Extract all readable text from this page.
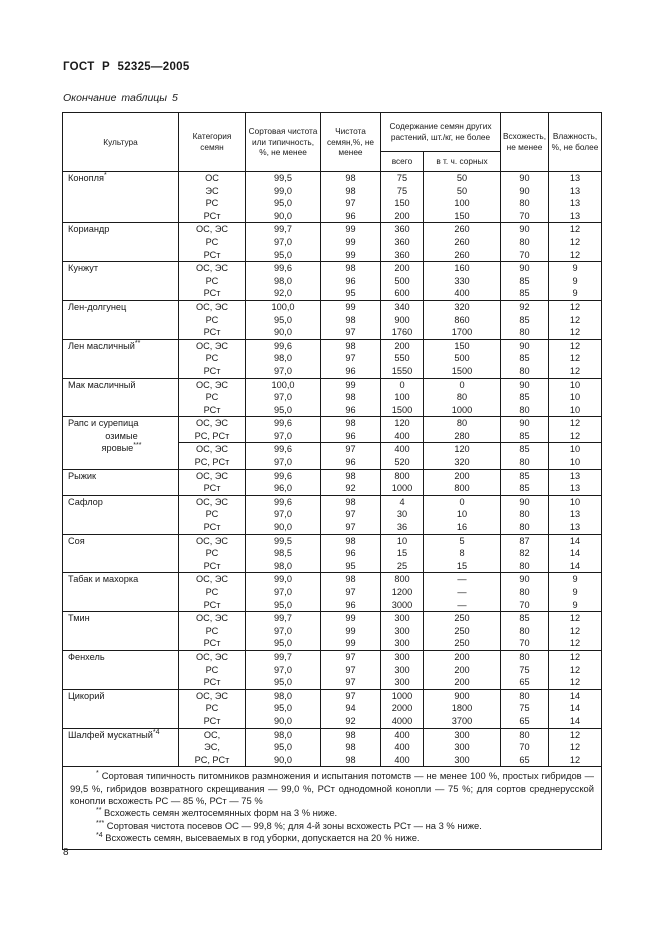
ГОСТ Р 52325—2005
Окончание таблицы 5
Культура	Категория семян	Сортовая чистота или типичность, %, не менее	Чистота семян,%, не менее	Содержание семян других растений, шт./кг, не более		Всхожесть, не менее	Влажность, %, не более
				всего	в т. ч. сорных		

Конопля*	ОС	99,5	98	75	50	90	13
	ЭС	99,0	98	75	50	90	13
	РС	95,0	97	150	100	80	13
	РСт	90,0	96	200	150	70	13

Кориандр	ОС, ЭС	99,7	99	360	260	90	12
	РС	97,0	99	360	260	80	12
	РСт	95,0	99	360	260	70	12

Кунжут	ОС, ЭС	99,6	98	200	160	90	9
	РС	98,0	96	500	330	85	9
	РСт	92,0	95	600	400	85	9

Лен-долгунец	ОС, ЭС	100,0	99	340	320	92	12
	РС	95,0	98	900	860	85	12
	РСт	90,0	97	1760	1700	80	12

Лен масличный**	ОС, ЭС	99,6	98	200	150	90	12
	РС	98,0	97	550	500	85	12
	РСт	97,0	96	1550	1500	80	12

Мак масличный	ОС, ЭС	100,0	99	0	0	90	10
	РС	97,0	98	100	80	85	10
	РСт	95,0	96	1500	1000	80	10

Рапс и сурепица
озимые
яровые***	ОС, ЭС	99,6	98	120	80	90	12
	РС, РСт	97,0	96	400	280	85	12
	ОС, ЭС	99,6	97	400	120	85	10
	РС, РСт	97,0	96	520	320	80	10

Рыжик	ОС, ЭС	99,6	98	800	200	85	13
	РСт	96,0	92	1000	800	85	13

Сафлор	ОС, ЭС	99,6	98	4	0	90	10
	РС	97,0	97	30	10	80	13
	РСт	90,0	97	36	16	80	13

Соя	ОС, ЭС	99,5	98	10	5	87	14
	РС	98,5	96	15	8	82	14
	РСт	98,0	95	25	15	80	14

Табак и махорка	ОС, ЭС	99,0	98	800	—	90	9
	РС	97,0	97	1200	—	80	9
	РСт	95,0	96	3000	—	70	9

Тмин	ОС, ЭС	99,7	99	300	250	85	12
	РС	97,0	99	300	250	80	12
	РСт	95,0	99	300	250	70	12

Фенхель	ОС, ЭС	99,7	97	300	200	80	12
	РС	97,0	97	300	200	75	12
	РСт	95,0	97	300	200	65	12

Цикорий	ОС, ЭС	98,0	97	1000	900	80	14
	РС	95,0	94	2000	1800	75	14
	РСт	90,0	92	4000	3700	65	14

Шалфей мускатный$^{*4}$	ОС,	98,0	98	400	300	80	12
	ЭС,	95,0	98	400	300	70	12
	РС, РСт	90,0	98	400	300	65	12

* Сортовая типичность питомников размножения и испытания потомств — не менее 100 %, простых гибридов — 99,5 %, гибридов возвратного скрещивания — 99,0 %, РСт однодомной конопли — 75 %; для сортов среднерусской конопли всхожесть РС — 85 %, РСт — 75 %

** Всхожесть семян желтосемянных форм на 3 % ниже.

*** Сортовая чистота посевов ОС — 99,8 %; для 4-й зоны всхожесть РСт — на 3 % ниже.

$^{*4}$ Всхожесть семян, высеваемых в год уборки, допускается на 20 % ниже.							

8
